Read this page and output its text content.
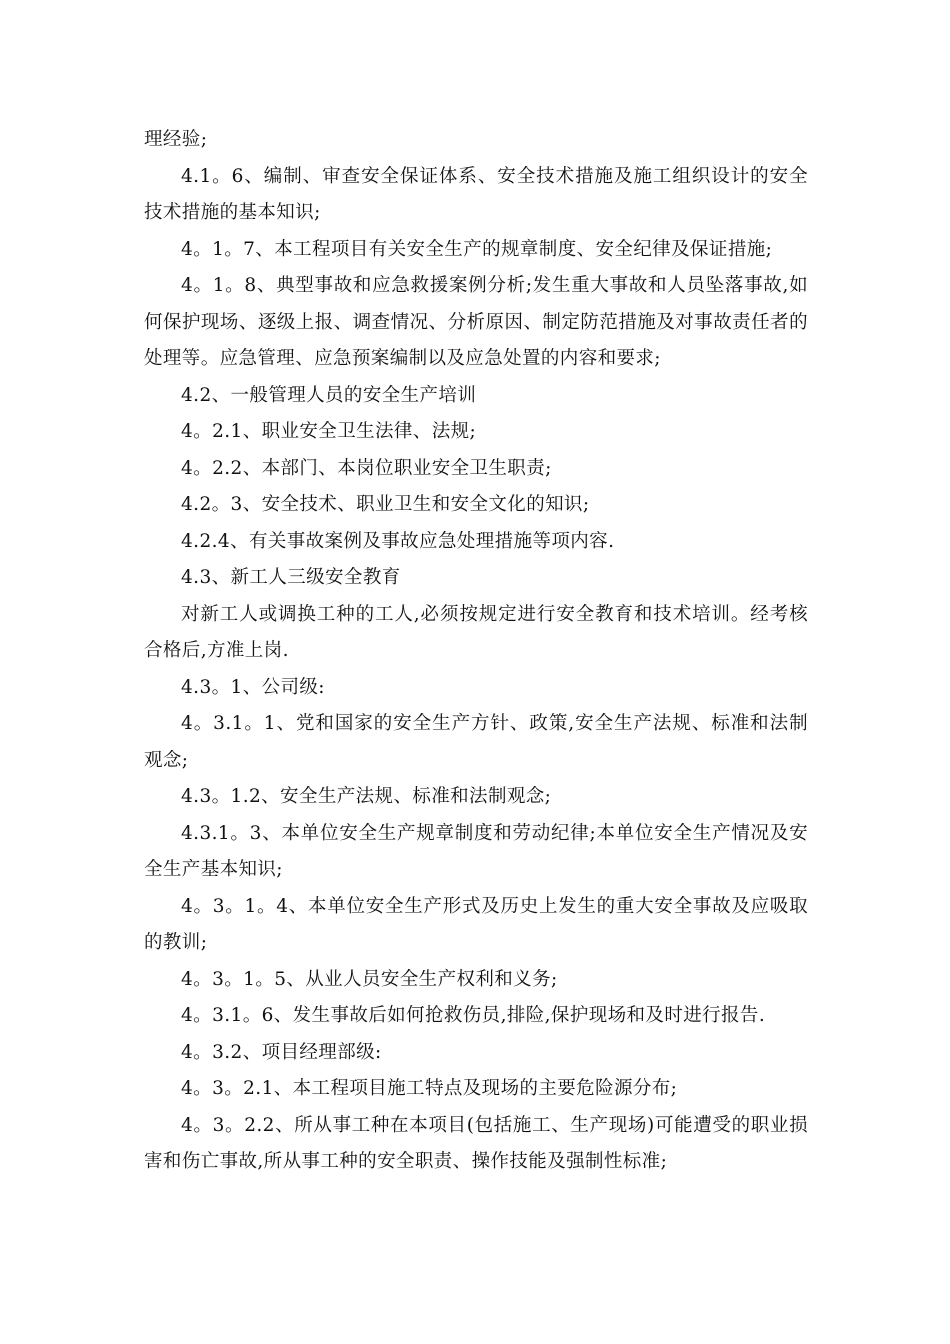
理经验;

4.1。6、编制、审查安全保证体系、安全技术措施及施工组织设计的安全技术措施的基本知识;

4。1。7、本工程项目有关安全生产的规章制度、安全纪律及保证措施;

4。1。8、典型事故和应急救援案例分析;发生重大事故和人员坠落事故,如何保护现场、逐级上报、调查情况、分析原因、制定防范措施及对事故责任者的处理等。应急管理、应急预案编制以及应急处置的内容和要求;

4.2、一般管理人员的安全生产培训

4。2.1、职业安全卫生法律、法规;

4。2.2、本部门、本岗位职业安全卫生职责;

4.2。3、安全技术、职业卫生和安全文化的知识;

4.2.4、有关事故案例及事故应急处理措施等项内容.

4.3、新工人三级安全教育

对新工人或调换工种的工人,必须按规定进行安全教育和技术培训。经考核合格后,方准上岗.

4.3。1、公司级:

4。3.1。1、党和国家的安全生产方针、政策,安全生产法规、标准和法制观念;

4.3。1.2、安全生产法规、标准和法制观念;

4.3.1。3、本单位安全生产规章制度和劳动纪律;本单位安全生产情况及安全生产基本知识;

4。3。1。4、本单位安全生产形式及历史上发生的重大安全事故及应吸取的教训;

4。3。1。5、从业人员安全生产权利和义务;

4。3.1。6、发生事故后如何抢救伤员,排险,保护现场和及时进行报告.

4。3.2、项目经理部级:

4。3。2.1、本工程项目施工特点及现场的主要危险源分布;

4。3。2.2、所从事工种在本项目(包括施工、生产现场)可能遭受的职业损害和伤亡事故,所从事工种的安全职责、操作技能及强制性标准;
